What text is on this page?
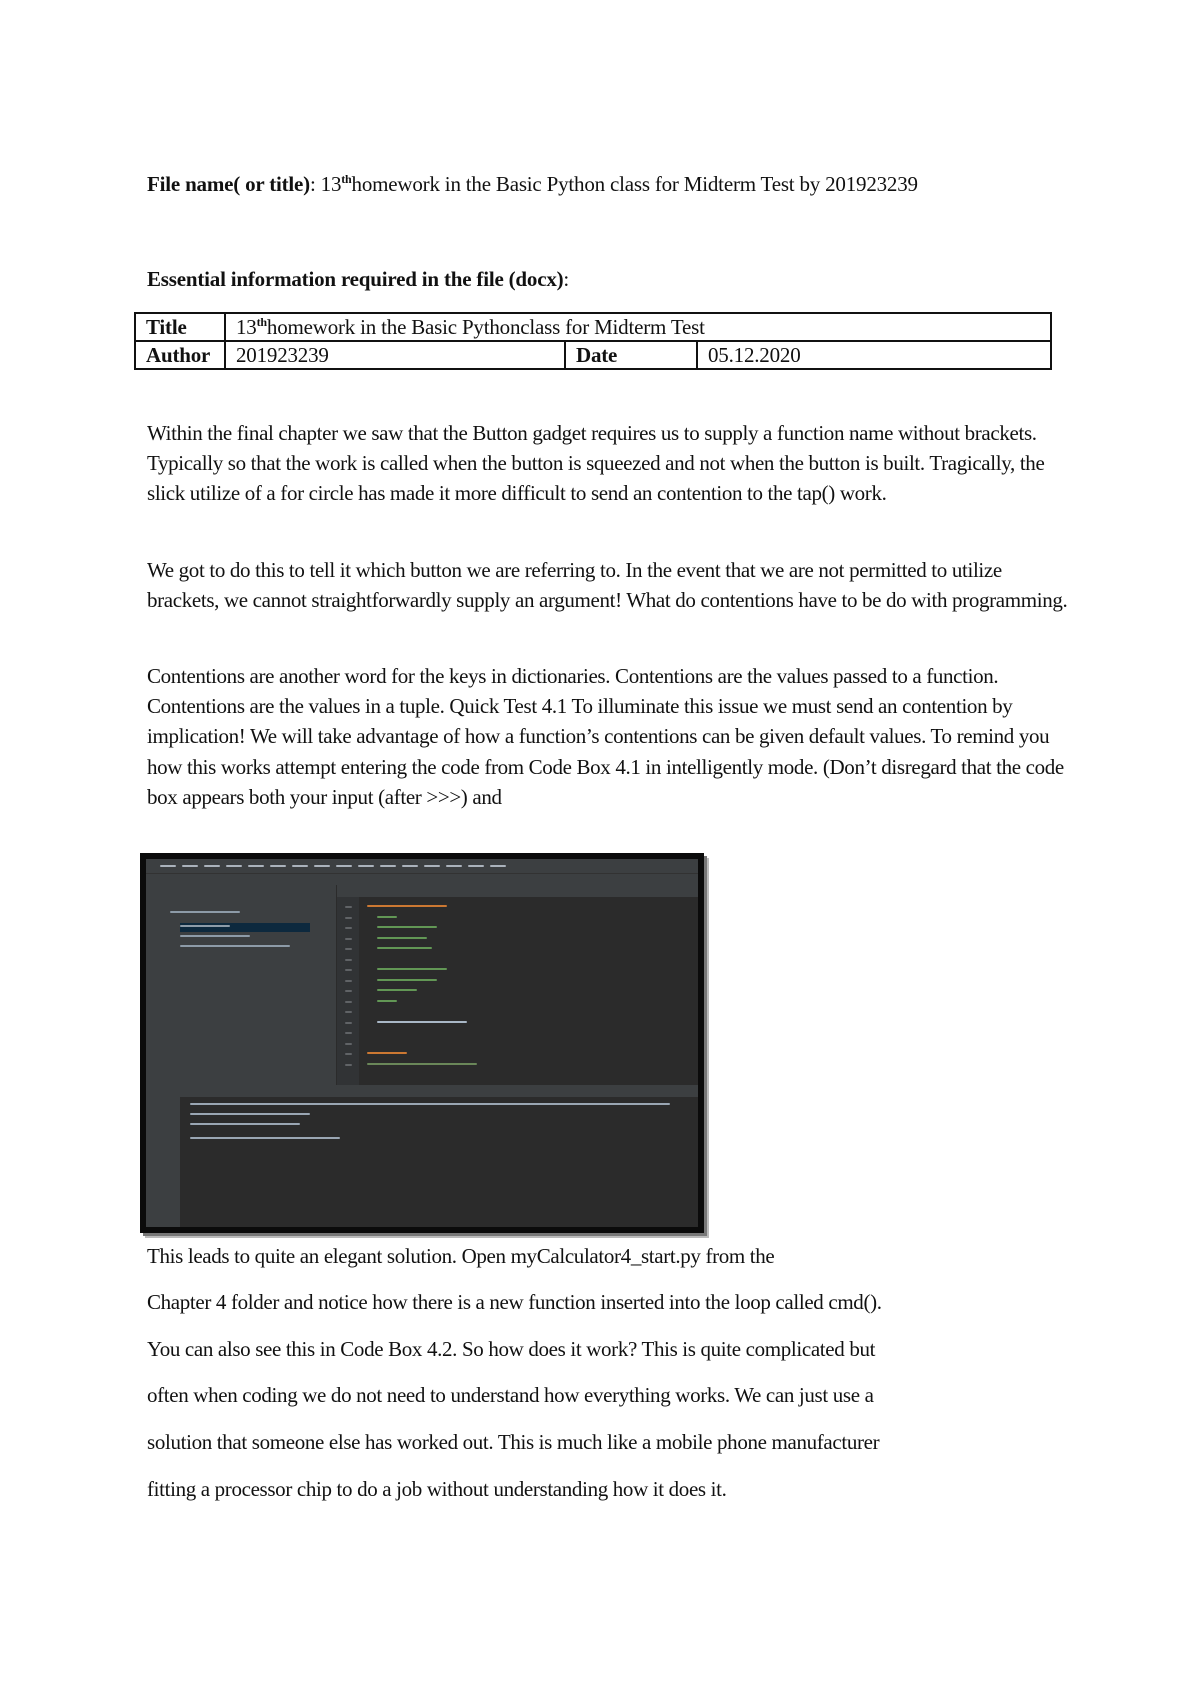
File name( or title): 13thhomework in the Basic Python class for Midterm Test by 201923239
Essential information required in the file (docx):
Title	13thhomework in the Basic Pythonclass for Midterm Test		
Author	201923239	Date	05.12.2020

Within the final chapter we saw that the Button gadget requires us to supply a function name without brackets. Typically so that the work is called when the button is squeezed and not when the button is built. Tragically, the slick utilize of a for circle has made it more difficult to send an contention to the tap() work.

We got to do this to tell it which button we are referring to. In the event that we are not permitted to utilize brackets, we cannot straightforwardly supply an argument! What do contentions have to be do with programming.

Contentions are another word for the keys in dictionaries. Contentions are the values passed to a function. Contentions are the values in a tuple. Quick Test 4.1 To illuminate this issue we must send an contention by implication! We will take advantage of how a function’s contentions can be given default values. To remind you how this works attempt entering the code from Code Box 4.1 in intelligently mode. (Don’t disregard that the code box appears both your input (after >>>) and

This leads to quite an elegant solution. Open myCalculator4_start.py from the

Chapter 4 folder and notice how there is a new function inserted into the loop called cmd().

You can also see this in Code Box 4.2. So how does it work? This is quite complicated but

often when coding we do not need to understand how everything works. We can just use a

solution that someone else has worked out. This is much like a mobile phone manufacturer

fitting a processor chip to do a job without understanding how it does it.
